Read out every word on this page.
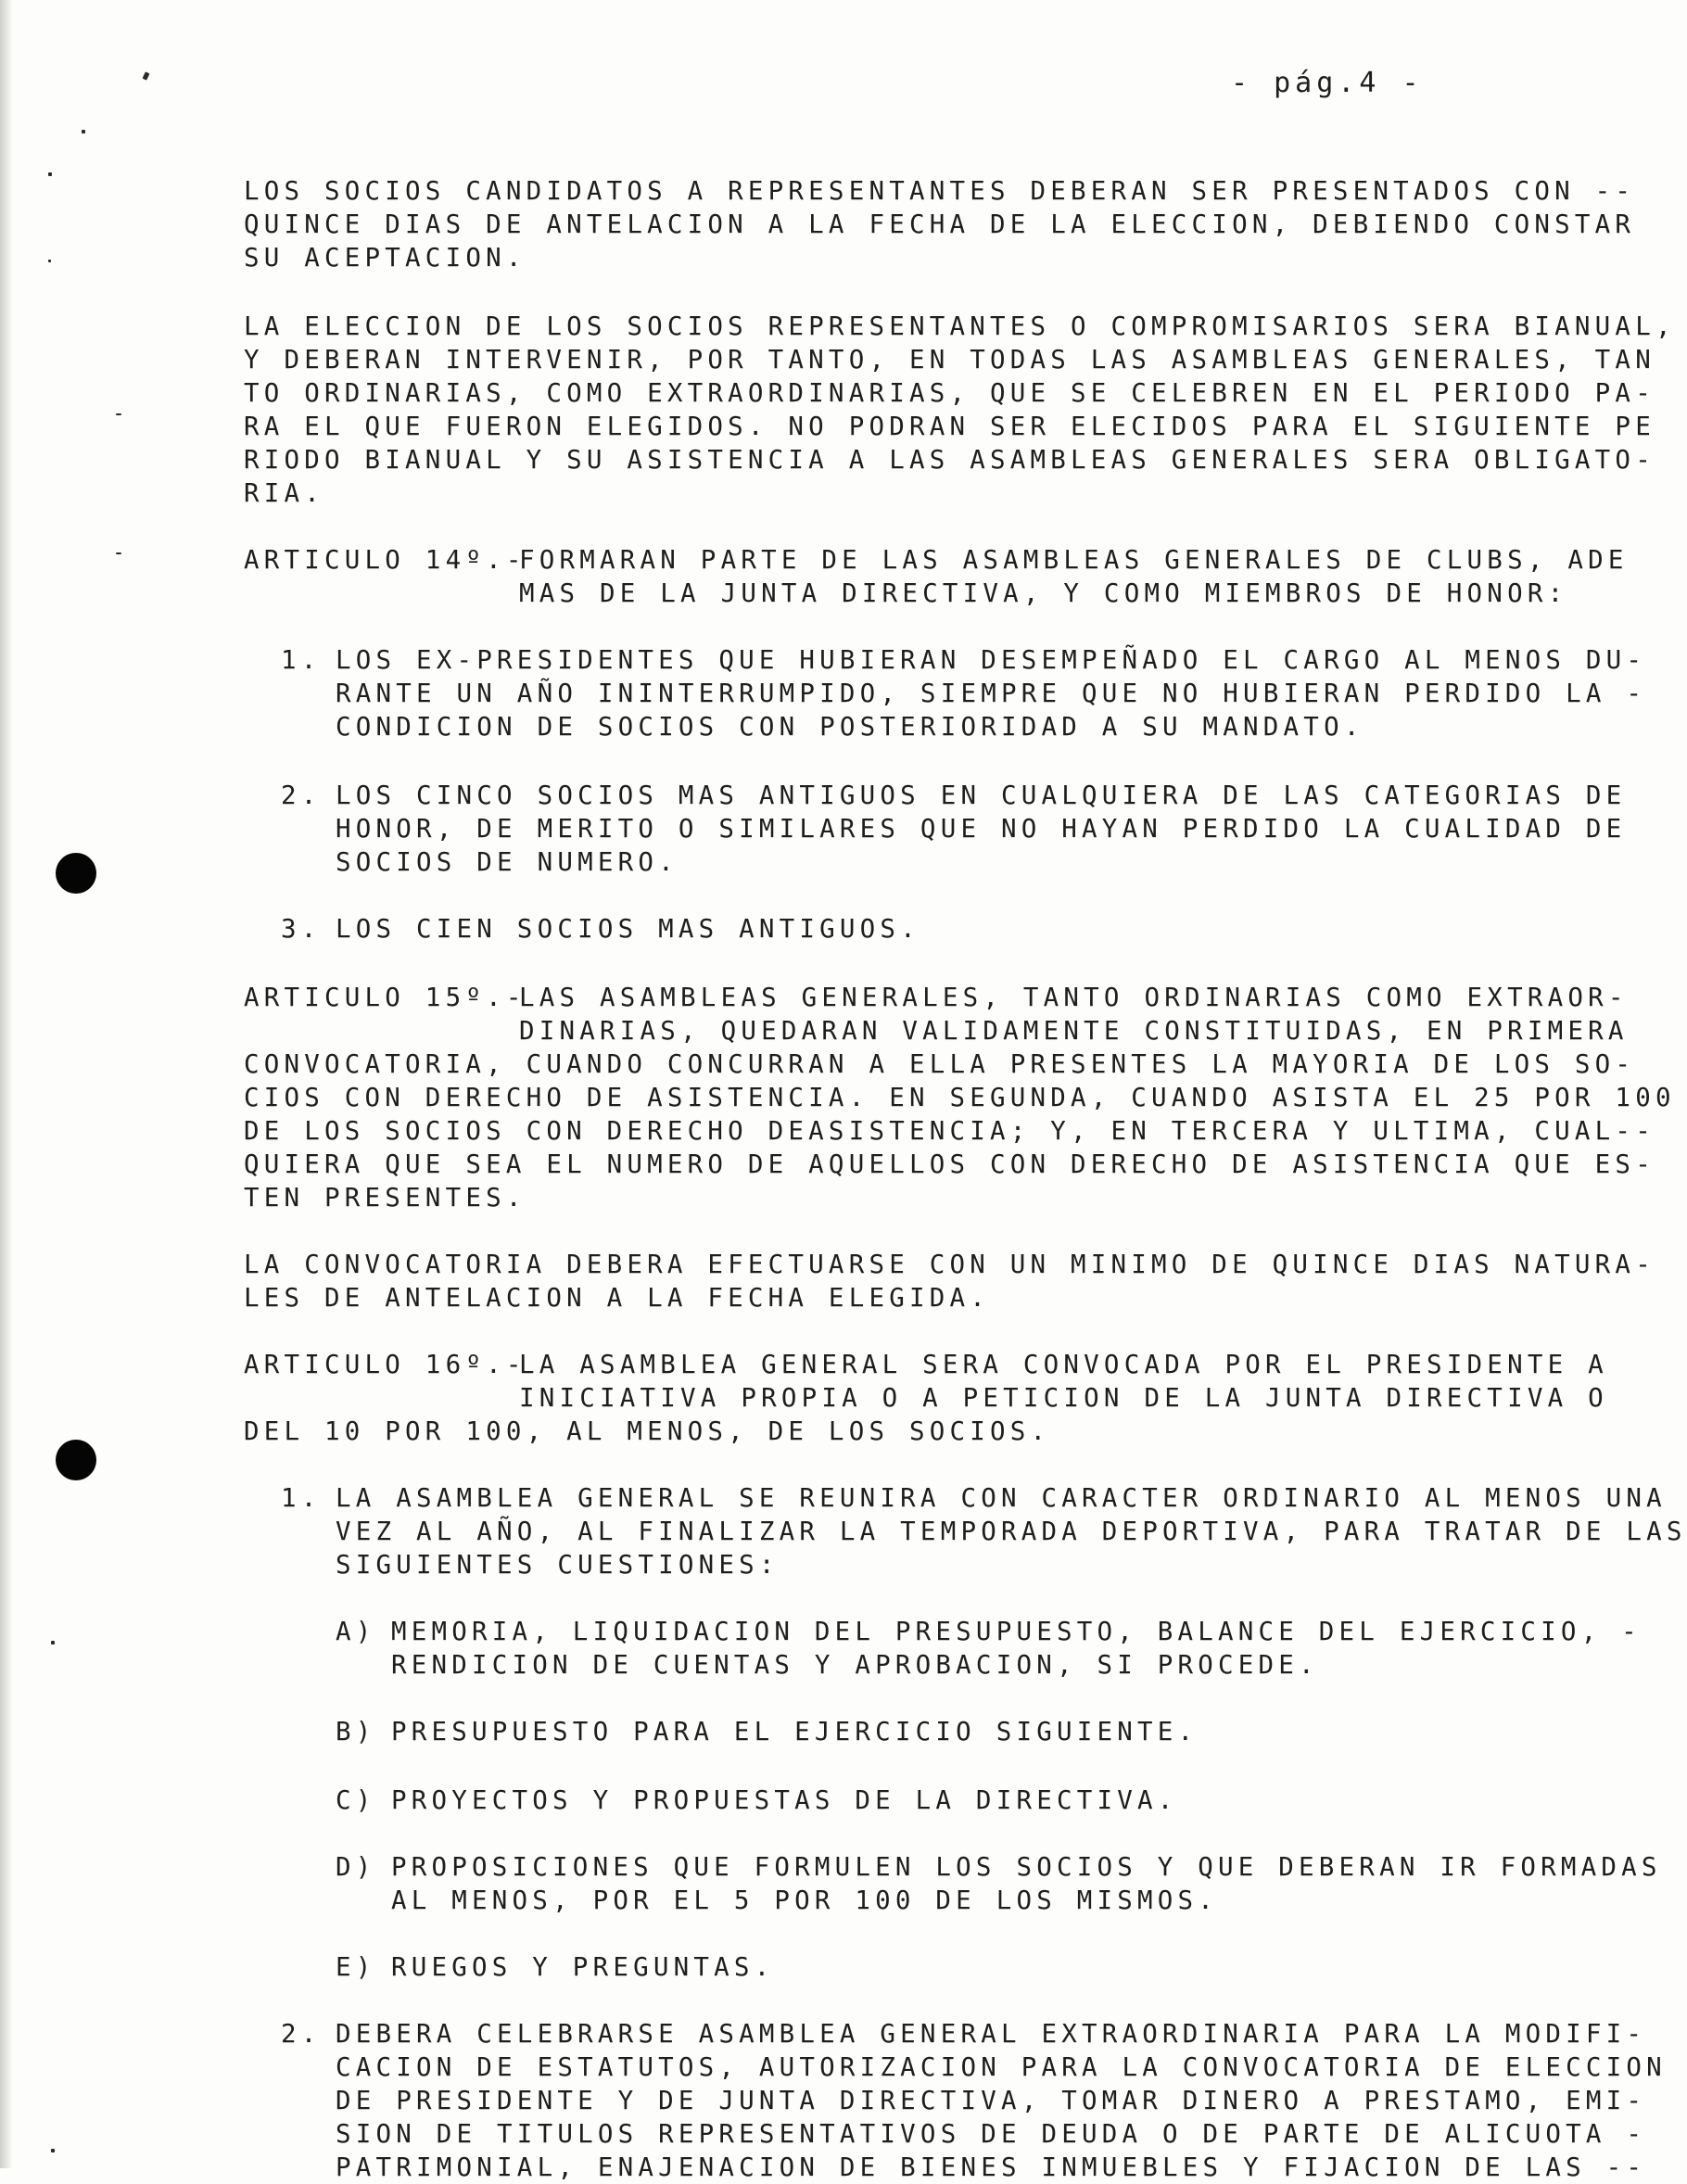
- pág.4 -
LOS SOCIOS CANDIDATOS A REPRESENTANTES DEBERAN SER PRESENTADOS CON --
QUINCE DIAS DE ANTELACION A LA FECHA DE LA ELECCION, DEBIENDO CONSTAR
SU ACEPTACION.
LA ELECCION DE LOS SOCIOS REPRESENTANTES O COMPROMISARIOS SERA BIANUAL,
Y DEBERAN INTERVENIR, POR TANTO, EN TODAS LAS ASAMBLEAS GENERALES, TAN
TO ORDINARIAS, COMO EXTRAORDINARIAS, QUE SE CELEBREN EN EL PERIODO PA-
RA EL QUE FUERON ELEGIDOS. NO PODRAN SER ELECIDOS PARA EL SIGUIENTE PE
RIODO BIANUAL Y SU ASISTENCIA A LAS ASAMBLEAS GENERALES SERA OBLIGATO-
RIA.
ARTICULO 14º.-
FORMARAN PARTE DE LAS ASAMBLEAS GENERALES DE CLUBS, ADE
MAS DE LA JUNTA DIRECTIVA, Y COMO MIEMBROS DE HONOR:
1. LOS EX-PRESIDENTES QUE HUBIERAN DESEMPEÑADO EL CARGO AL MENOS DU-
RANTE UN AÑO ININTERRUMPIDO, SIEMPRE QUE NO HUBIERAN PERDIDO LA -
CONDICION DE SOCIOS CON POSTERIORIDAD A SU MANDATO.
2. LOS CINCO SOCIOS MAS ANTIGUOS EN CUALQUIERA DE LAS CATEGORIAS DE
HONOR, DE MERITO O SIMILARES QUE NO HAYAN PERDIDO LA CUALIDAD DE
SOCIOS DE NUMERO.
3. LOS CIEN SOCIOS MAS ANTIGUOS.
ARTICULO 15º.-
LAS ASAMBLEAS GENERALES, TANTO ORDINARIAS COMO EXTRAOR-
DINARIAS, QUEDARAN VALIDAMENTE CONSTITUIDAS, EN PRIMERA
CONVOCATORIA, CUANDO CONCURRAN A ELLA PRESENTES LA MAYORIA DE LOS SO-
CIOS CON DERECHO DE ASISTENCIA. EN SEGUNDA, CUANDO ASISTA EL 25 POR 100
DE LOS SOCIOS CON DERECHO DEASISTENCIA; Y, EN TERCERA Y ULTIMA, CUAL--
QUIERA QUE SEA EL NUMERO DE AQUELLOS CON DERECHO DE ASISTENCIA QUE ES-
TEN PRESENTES.
LA CONVOCATORIA DEBERA EFECTUARSE CON UN MINIMO DE QUINCE DIAS NATURA-
LES DE ANTELACION A LA FECHA ELEGIDA.
ARTICULO 16º.-
LA ASAMBLEA GENERAL SERA CONVOCADA POR EL PRESIDENTE A
INICIATIVA PROPIA O A PETICION DE LA JUNTA DIRECTIVA O
DEL 10 POR 100, AL MENOS, DE LOS SOCIOS.
1. LA ASAMBLEA GENERAL SE REUNIRA CON CARACTER ORDINARIO AL MENOS UNA
VEZ AL AÑO, AL FINALIZAR LA TEMPORADA DEPORTIVA, PARA TRATAR DE LAS
SIGUIENTES CUESTIONES:
A) MEMORIA, LIQUIDACION DEL PRESUPUESTO, BALANCE DEL EJERCICIO, -
RENDICION DE CUENTAS Y APROBACION, SI PROCEDE.
B) PRESUPUESTO PARA EL EJERCICIO SIGUIENTE.
C) PROYECTOS Y PROPUESTAS DE LA DIRECTIVA.
D) PROPOSICIONES QUE FORMULEN LOS SOCIOS Y QUE DEBERAN IR FORMADAS
AL MENOS, POR EL 5 POR 100 DE LOS MISMOS.
E) RUEGOS Y PREGUNTAS.
2. DEBERA CELEBRARSE ASAMBLEA GENERAL EXTRAORDINARIA PARA LA MODIFI-
CACION DE ESTATUTOS, AUTORIZACION PARA LA CONVOCATORIA DE ELECCION
DE PRESIDENTE Y DE JUNTA DIRECTIVA, TOMAR DINERO A PRESTAMO, EMI-
SION DE TITULOS REPRESENTATIVOS DE DEUDA O DE PARTE DE ALICUOTA -
PATRIMONIAL, ENAJENACION DE BIENES INMUEBLES Y FIJACION DE LAS --
